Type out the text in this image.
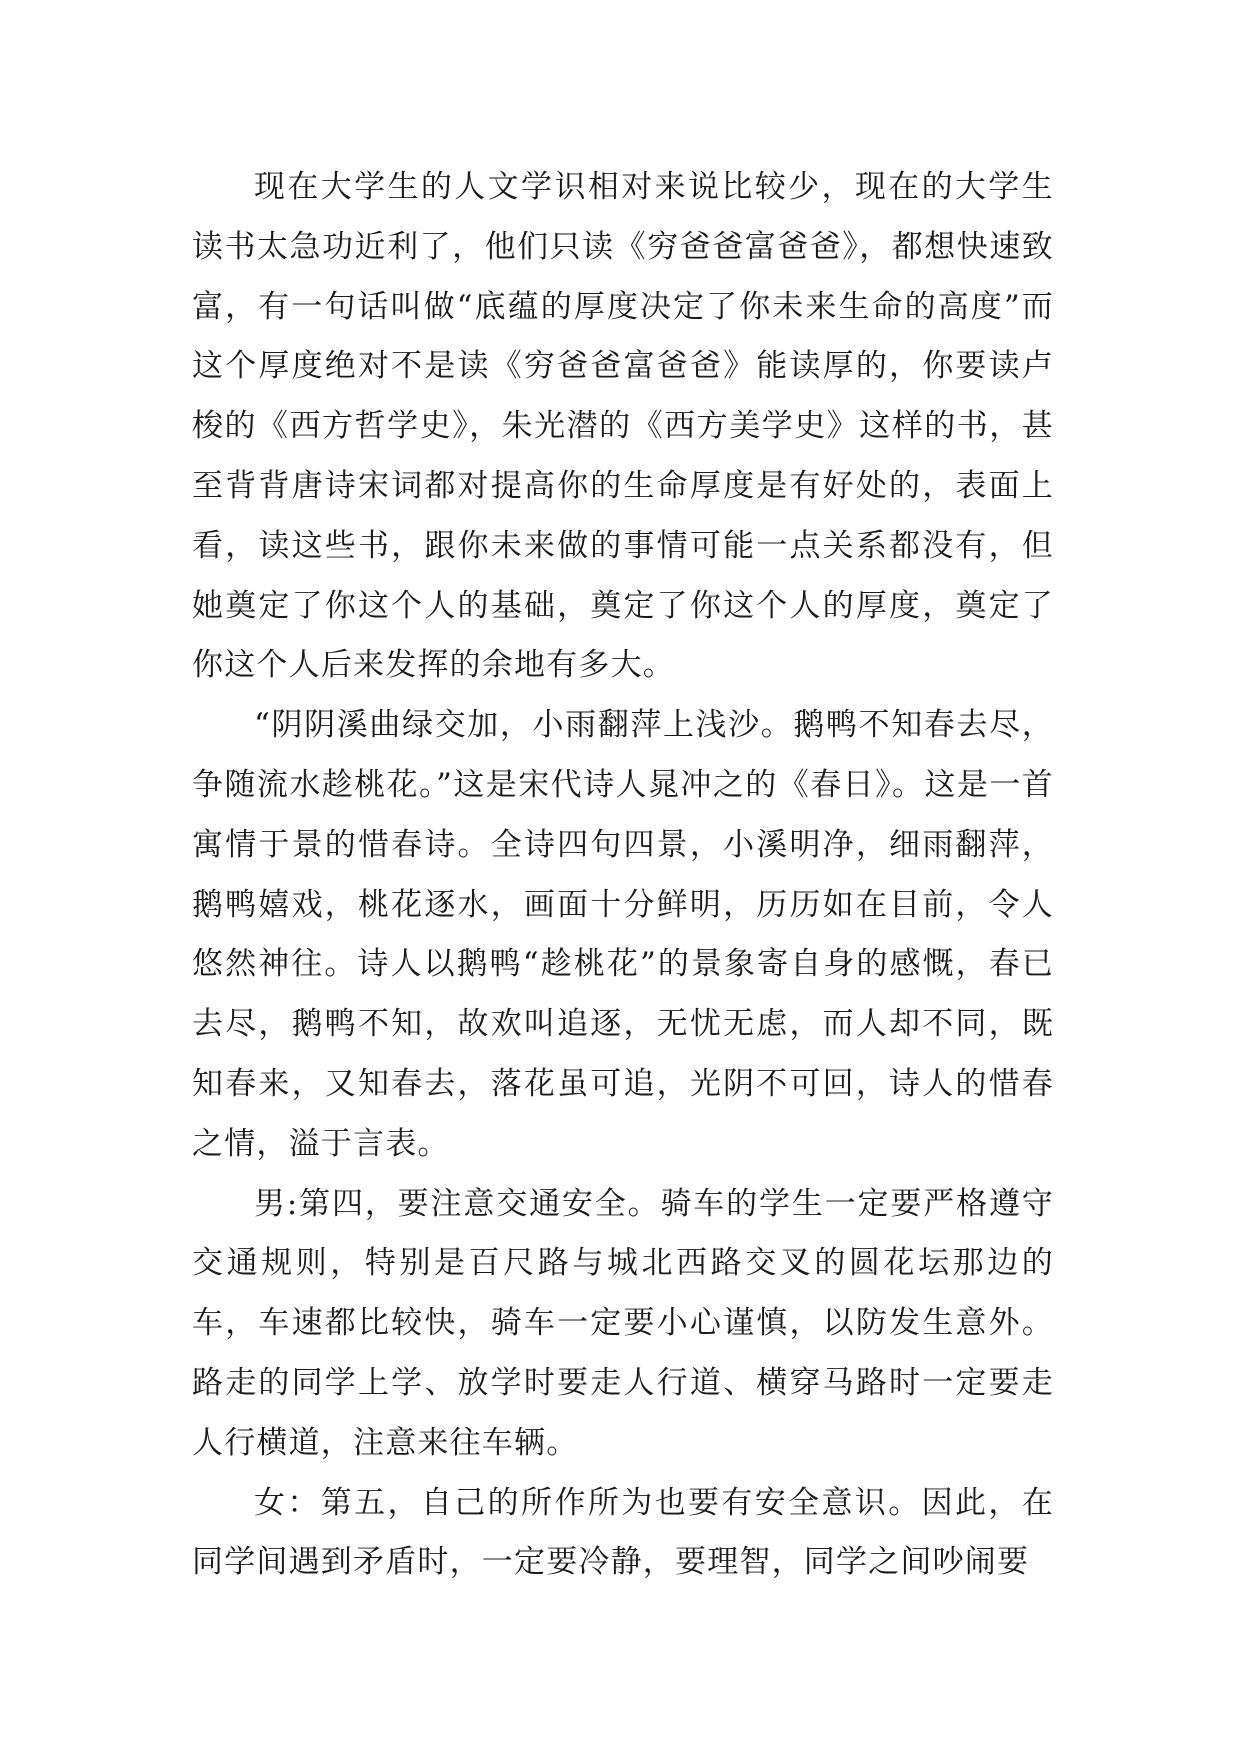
现在大学生的人文学识相对来说比较少，现在的大学生读书太急功近利了，他们只读《穷爸爸富爸爸》，都想快速致富，有一句话叫做“底蕴的厚度决定了你未来生命的高度”而这个厚度绝对不是读《穷爸爸富爸爸》能读厚的，你要读卢梭的《西方哲学史》，朱光潜的《西方美学史》这样的书，甚至背背唐诗宋词都对提高你的生命厚度是有好处的，表面上看，读这些书，跟你未来做的事情可能一点关系都没有，但她奠定了你这个人的基础，奠定了你这个人的厚度，奠定了你这个人后来发挥的余地有多大。

“阴阴溪曲绿交加，小雨翻萍上浅沙。鹅鸭不知春去尽，争随流水趁桃花。”这是宋代诗人晁冲之的《春日》。这是一首寓情于景的惜春诗。全诗四句四景，小溪明净，细雨翻萍，鹅鸭嬉戏，桃花逐水，画面十分鲜明，历历如在目前，令人悠然神往。诗人以鹅鸭“趁桃花”的景象寄自身的感慨，春已去尽，鹅鸭不知，故欢叫追逐，无忧无虑，而人却不同，既知春来，又知春去，落花虽可追，光阴不可回，诗人的惜春之情，溢于言表。

男:第四，要注意交通安全。骑车的学生一定要严格遵守交通规则，特别是百尺路与城北西路交叉的圆花坛那边的车，车速都比较快，骑车一定要小心谨慎，以防发生意外。路走的同学上学、放学时要走人行道、横穿马路时一定要走人行横道，注意来往车辆。

女：第五，自己的所作所为也要有安全意识。因此，在同学间遇到矛盾时，一定要冷静，要理智，同学之间吵闹要
